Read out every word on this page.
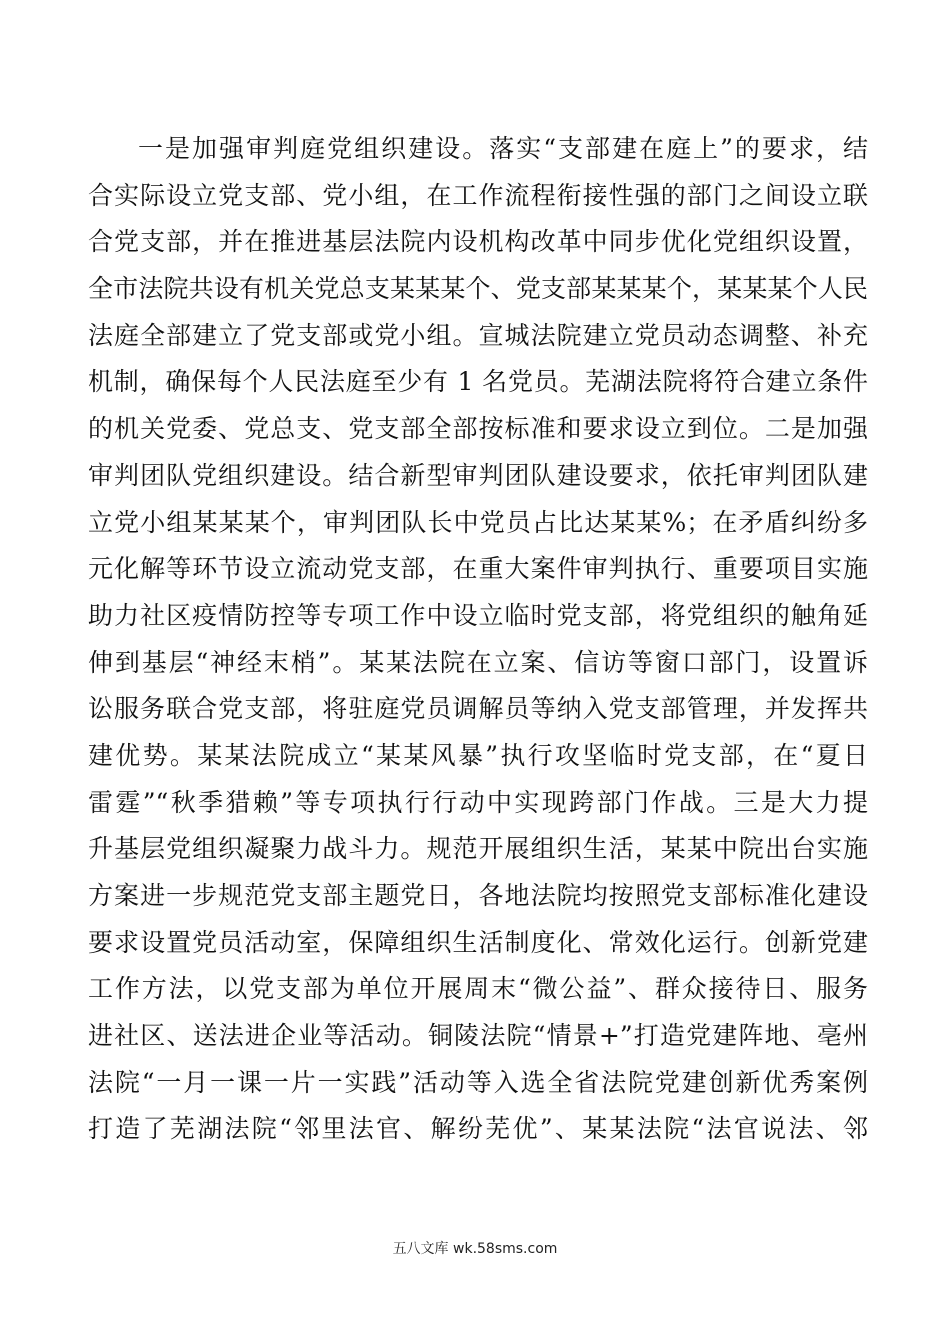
一是加强审判庭党组织建设。落实“支部建在庭上”的要求，结
合实际设立党支部、党小组，在工作流程衔接性强的部门之间设立联
合党支部，并在推进基层法院内设机构改革中同步优化党组织设置，
全市法院共设有机关党总支某某某个、党支部某某某个，某某某个人民
法庭全部建立了党支部或党小组。宣城法院建立党员动态调整、补充
机制，确保每个人民法庭至少有 1 名党员。芜湖法院将符合建立条件
的机关党委、党总支、党支部全部按标准和要求设立到位。二是加强
审判团队党组织建设。结合新型审判团队建设要求，依托审判团队建
立党小组某某某个，审判团队长中党员占比达某某%；在矛盾纠纷多
元化解等环节设立流动党支部，在重大案件审判执行、重要项目实施
助力社区疫情防控等专项工作中设立临时党支部，将党组织的触角延
伸到基层“神经末梢”。某某法院在立案、信访等窗口部门，设置诉
讼服务联合党支部，将驻庭党员调解员等纳入党支部管理，并发挥共
建优势。某某法院成立“某某风暴”执行攻坚临时党支部，在“夏日
雷霆”“秋季猎赖”等专项执行行动中实现跨部门作战。三是大力提
升基层党组织凝聚力战斗力。规范开展组织生活，某某中院出台实施
方案进一步规范党支部主题党日，各地法院均按照党支部标准化建设
要求设置党员活动室，保障组织生活制度化、常效化运行。创新党建
工作方法，以党支部为单位开展周末“微公益”、群众接待日、服务
进社区、送法进企业等活动。铜陵法院“情景+”打造党建阵地、亳州
法院“一月一课一片一实践”活动等入选全省法院党建创新优秀案例
打造了芜湖法院“邻里法官、解纷芜优”、某某法院“法官说法、邻
五八文库 wk.58sms.com
